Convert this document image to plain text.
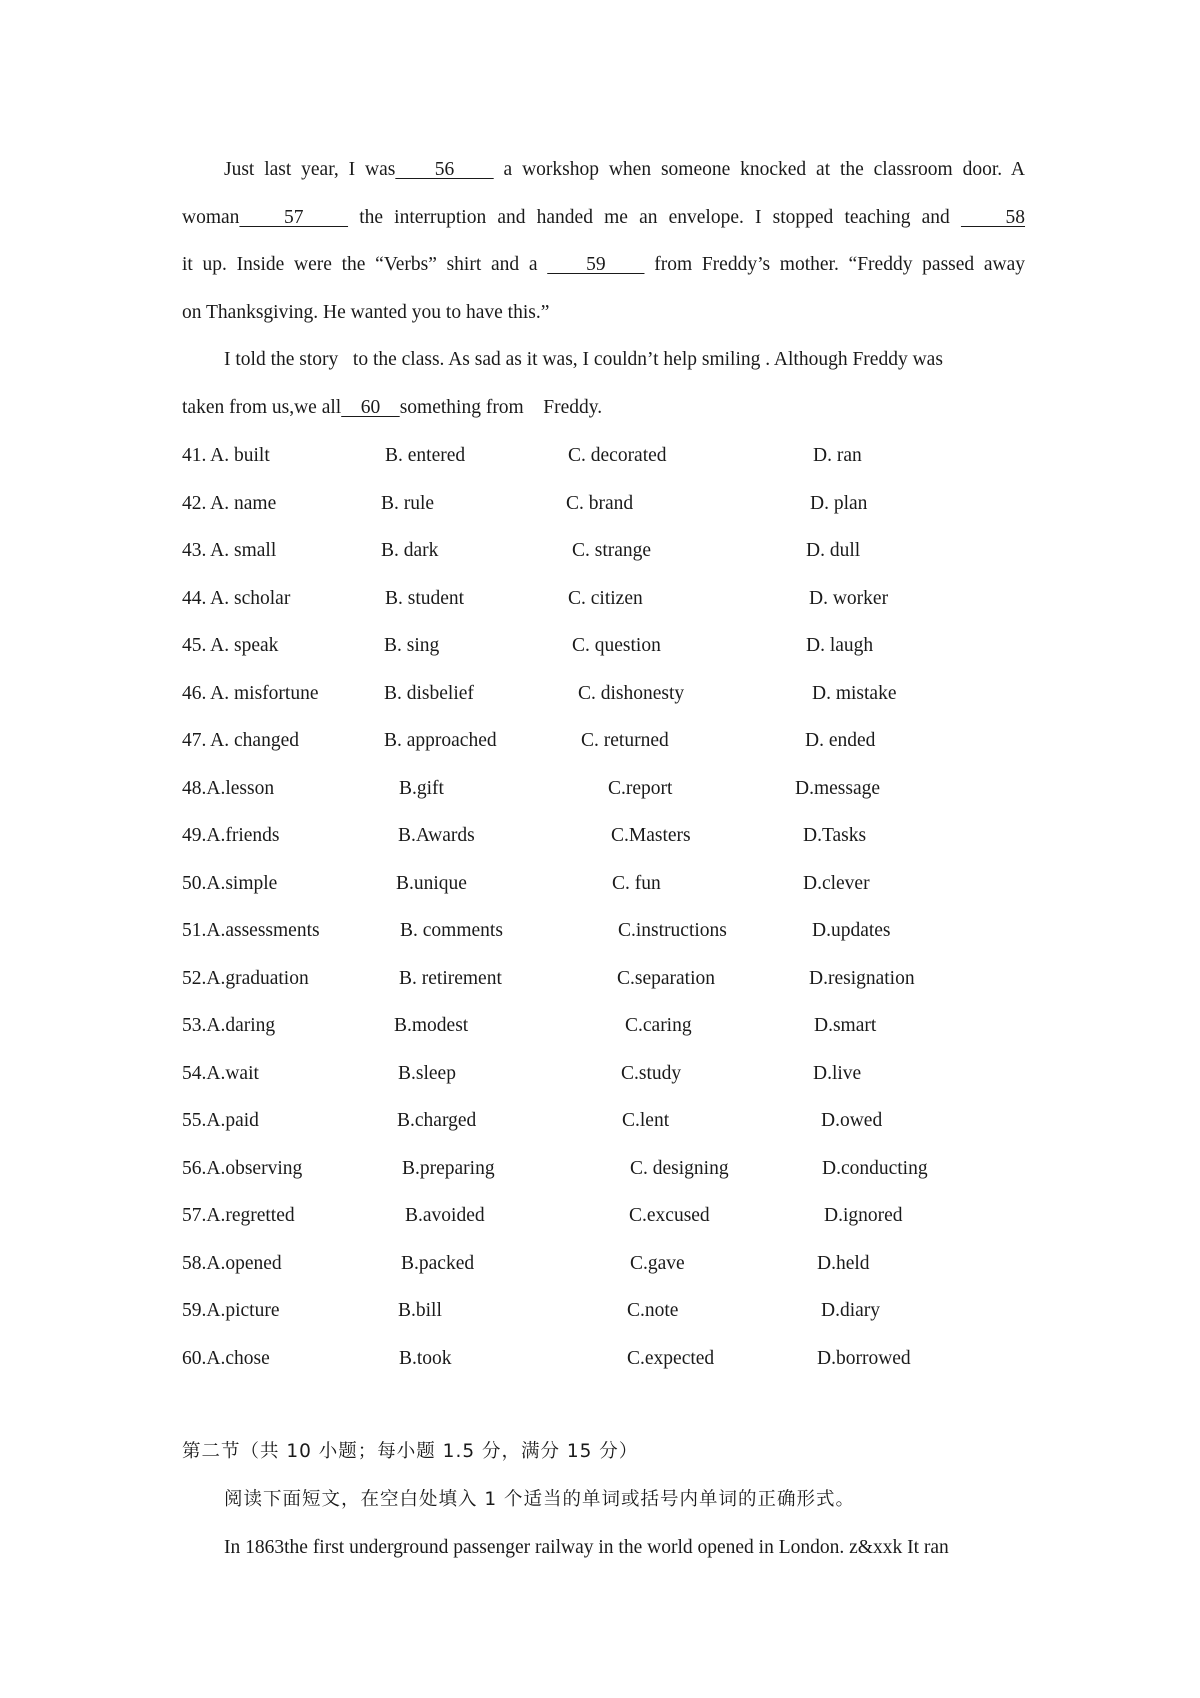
Just last year, I was    56     a workshop when someone knocked at the classroom door. A
woman    57     the interruption and handed me an envelope. I stopped teaching and     58
it up. Inside were the “Verbs” shirt and a     59     from Freddy’s mother. “Freddy passed away
on Thanksgiving. He wanted you to have this.”
I told the story   to the class. As sad as it was, I couldn’t help smiling . Although Freddy was
taken from us,we all    60    something from    Freddy.
41. A. built	B. entered	C. decorated	D. ran
42. A. name	B. rule	C. brand	D. plan
43. A. small	B. dark	C. strange	D. dull
44. A. scholar	B. student	C. citizen	D. worker
45. A. speak	B. sing	C. question	D. laugh
46. A. misfortune	B. disbelief	C. dishonesty	D. mistake
47. A. changed	B. approached	C. returned	D. ended
48.A.lesson	B.gift	C.report	D.message
49.A.friends	B.Awards	C.Masters	D.Tasks
50.A.simple	B.unique	C. fun	D.clever
51.A.assessments	B. comments	C.instructions	D.updates
52.A.graduation	B. retirement	C.separation	D.resignation
53.A.daring	B.modest	C.caring	D.smart
54.A.wait	B.sleep	C.study	D.live
55.A.paid	B.charged	C.lent	D.owed
56.A.observing	B.preparing	C. designing	D.conducting
57.A.regretted	B.avoided	C.excused	D.ignored
58.A.opened	B.packed	C.gave	D.held
59.A.picture	B.bill	C.note	D.diary
60.A.chose	B.took	C.expected	D.borrowed
第二节（共 10 小题；每小题 1.5 分，满分 15 分）
阅读下面短文，在空白处填入 1 个适当的单词或括号内单词的正确形式。
In 1863the first underground passenger railway in the world opened in London. z&xxk It ran
